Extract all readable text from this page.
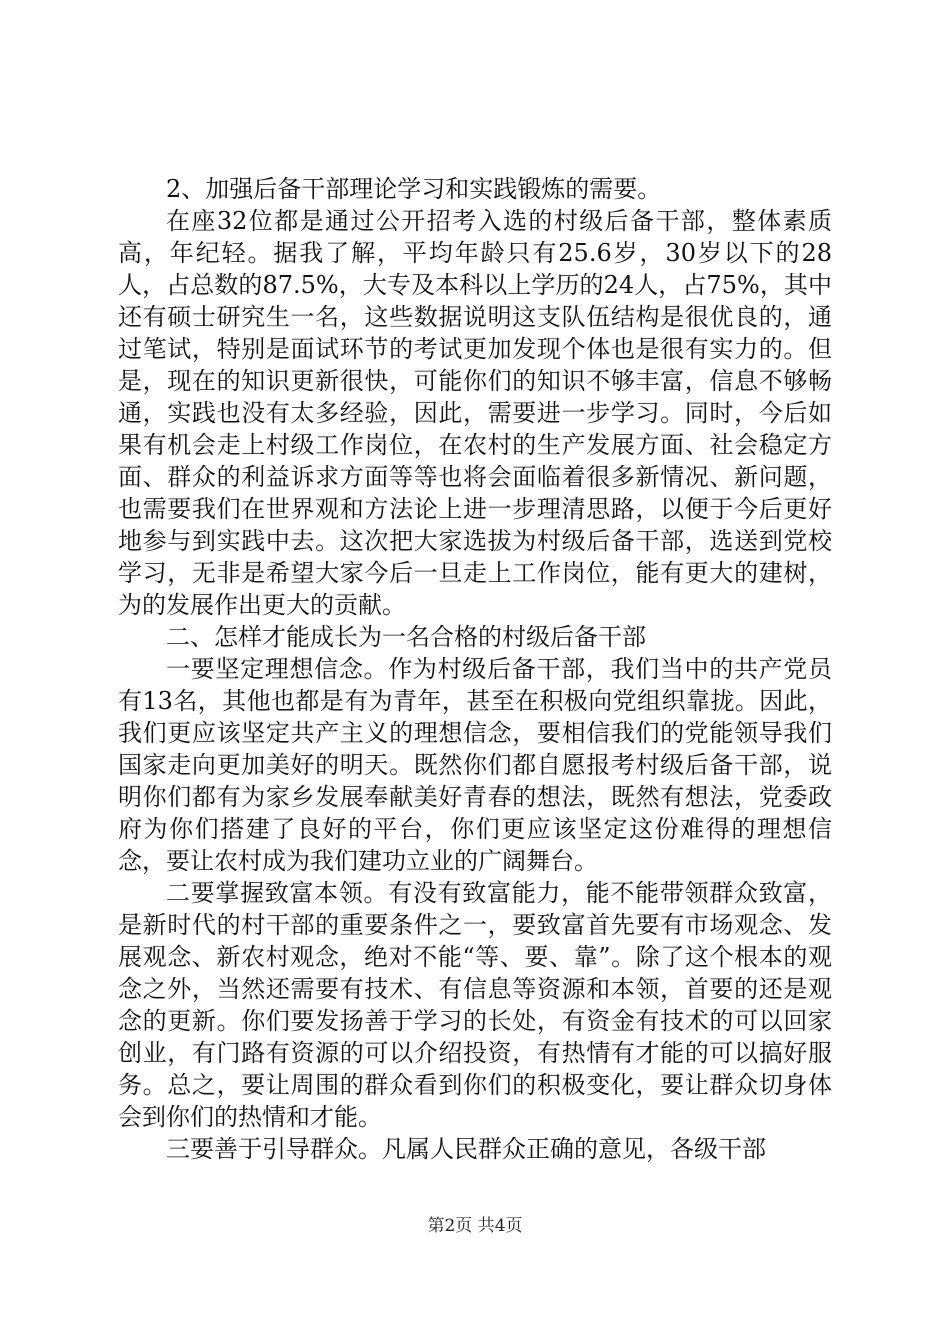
2、加强后备干部理论学习和实践锻炼的需要。

在座32位都是通过公开招考入选的村级后备干部，整体素质高，年纪轻。据我了解，平均年龄只有25.6岁，30岁以下的28人，占总数的87.5%，大专及本科以上学历的24人，占75%，其中还有硕士研究生一名，这些数据说明这支队伍结构是很优良的，通过笔试，特别是面试环节的考试更加发现个体也是很有实力的。但是，现在的知识更新很快，可能你们的知识不够丰富，信息不够畅通，实践也没有太多经验，因此，需要进一步学习。同时，今后如果有机会走上村级工作岗位，在农村的生产发展方面、社会稳定方面、群众的利益诉求方面等等也将会面临着很多新情况、新问题，也需要我们在世界观和方法论上进一步理清思路，以便于今后更好地参与到实践中去。这次把大家选拔为村级后备干部，选送到党校学习，无非是希望大家今后一旦走上工作岗位，能有更大的建树，为的发展作出更大的贡献。

二、怎样才能成长为一名合格的村级后备干部

一要坚定理想信念。作为村级后备干部，我们当中的共产党员有13名，其他也都是有为青年，甚至在积极向党组织靠拢。因此，我们更应该坚定共产主义的理想信念，要相信我们的党能领导我们国家走向更加美好的明天。既然你们都自愿报考村级后备干部，说明你们都有为家乡发展奉献美好青春的想法，既然有想法，党委政府为你们搭建了良好的平台，你们更应该坚定这份难得的理想信念，要让农村成为我们建功立业的广阔舞台。

二要掌握致富本领。有没有致富能力，能不能带领群众致富，是新时代的村干部的重要条件之一，要致富首先要有市场观念、发展观念、新农村观念，绝对不能“等、要、靠”。除了这个根本的观念之外，当然还需要有技术、有信息等资源和本领，首要的还是观念的更新。你们要发扬善于学习的长处，有资金有技术的可以回家创业，有门路有资源的可以介绍投资，有热情有才能的可以搞好服务。总之，要让周围的群众看到你们的积极变化，要让群众切身体会到你们的热情和才能。

三要善于引导群众。凡属人民群众正确的意见，各级干部

第2页 共4页
